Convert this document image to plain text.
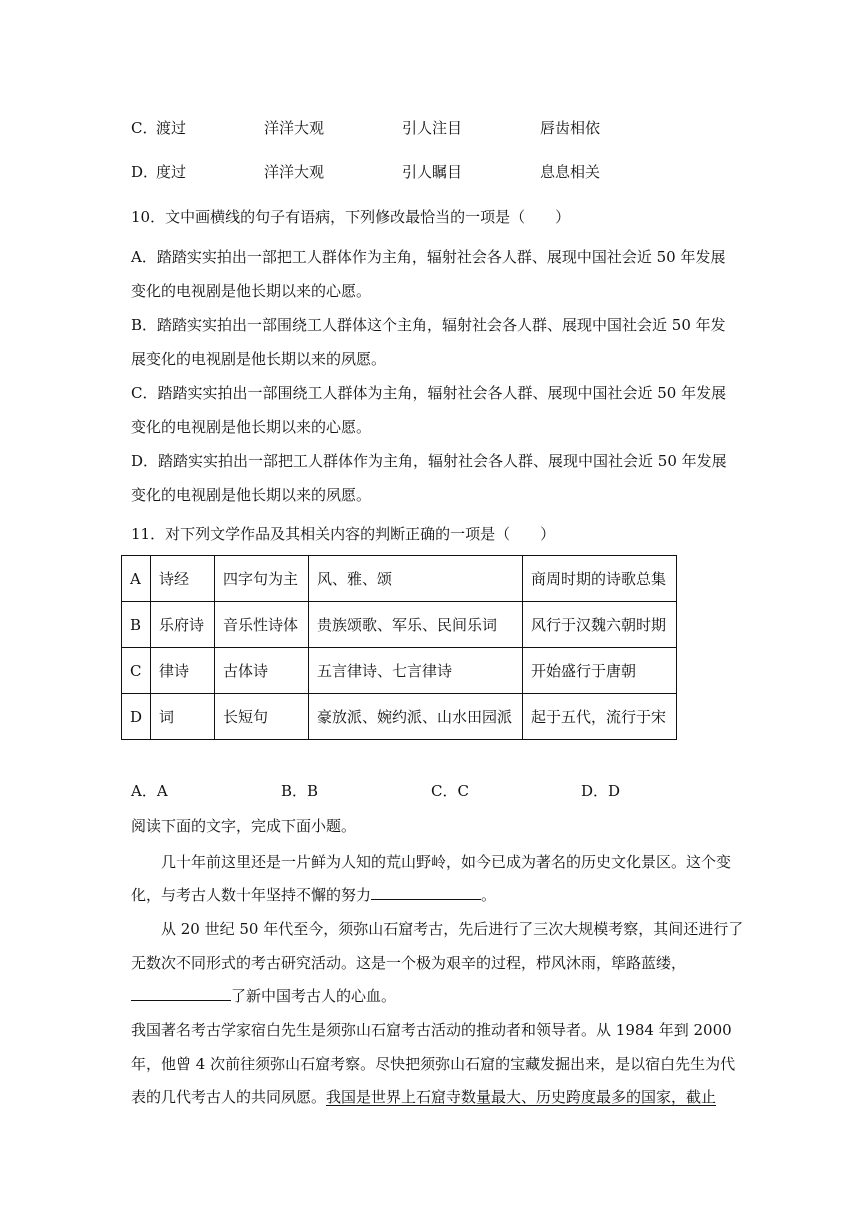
C．
渡过	洋洋大观	引人注目	唇齿相依
D．
度过	洋洋大观	引人瞩目	息息相关
10．文中画横线的句子有语病，下列修改最恰当的一项是（　　）
A．踏踏实实拍出一部把工人群体作为主角，辐射社会各人群、展现中国社会近 50 年发展
变化的电视剧是他长期以来的心愿。
B．踏踏实实拍出一部围绕工人群体这个主角，辐射社会各人群、展现中国社会近 50 年发
展变化的电视剧是他长期以来的夙愿。
C．踏踏实实拍出一部围绕工人群体为主角，辐射社会各人群、展现中国社会近 50 年发展
变化的电视剧是他长期以来的心愿。
D．踏踏实实拍出一部把工人群体作为主角，辐射社会各人群、展现中国社会近 50 年发展
变化的电视剧是他长期以来的夙愿。
11．对下列文学作品及其相关内容的判断正确的一项是（　　）
A	诗经	四字句为主	风、雅、颂	商周时期的诗歌总集
B	乐府诗	音乐性诗体	贵族颂歌、军乐、民间乐词	风行于汉魏六朝时期
C	律诗	古体诗	五言律诗、七言律诗	开始盛行于唐朝
D	词	长短句	豪放派、婉约派、山水田园派	起于五代，流行于宋
A．A	B．B	C．C	D．D
阅读下面的文字，完成下面小题。
几十年前这里还是一片鲜为人知的荒山野岭，如今已成为著名的历史文化景区。这个变
化，与考古人数十年坚持不懈的努力	。
从 20 世纪 50 年代至今，须弥山石窟考古，先后进行了三次大规模考察，其间还进行了
无数次不同形式的考古研究活动。这是一个极为艰辛的过程，栉风沐雨，筚路蓝缕，
了新中国考古人的心血。
我国著名考古学家宿白先生是须弥山石窟考古活动的推动者和领导者。从 1984 年到 2000
年，他曾 4 次前往须弥山石窟考察。尽快把须弥山石窟的宝藏发掘出来，是以宿白先生为代
表的几代考古人的共同夙愿。我国是世界上石窟寺数量最大、历史跨度最多的国家，截止
